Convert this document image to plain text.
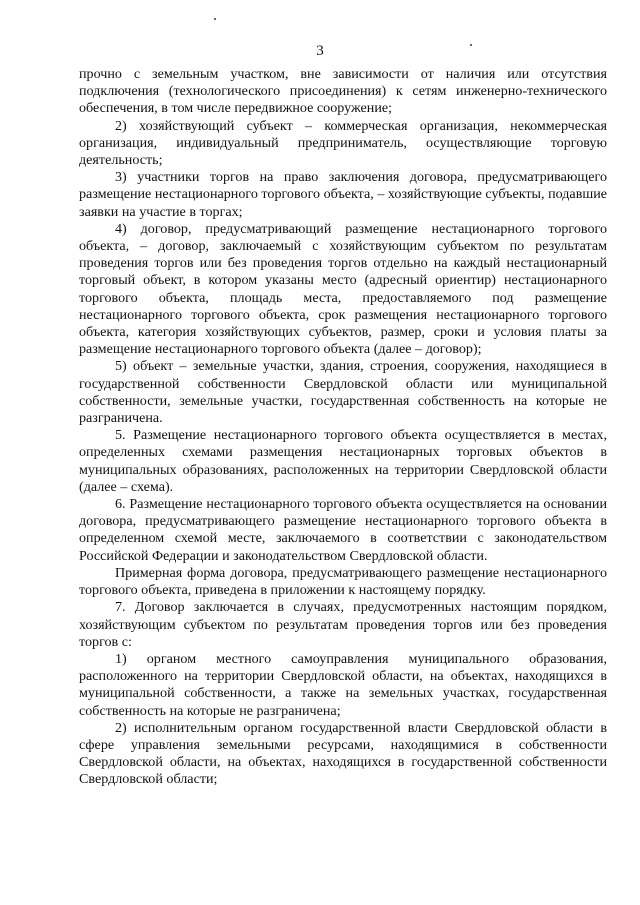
3

прочно с земельным участком, вне зависимости от наличия или отсутствия подключения (технологического присоединения) к сетям инженерно-технического обеспечения, в том числе передвижное сооружение;

2) хозяйствующий субъект – коммерческая организация, некоммерческая организация, индивидуальный предприниматель, осуществляющие торговую деятельность;

3) участники торгов на право заключения договора, предусматривающего размещение нестационарного торгового объекта, – хозяйствующие субъекты, подавшие заявки на участие в торгах;

4) договор, предусматривающий размещение нестационарного торгового объекта, – договор, заключаемый с хозяйствующим субъектом по результатам проведения торгов или без проведения торгов отдельно на каждый нестационарный торговый объект, в котором указаны место (адресный ориентир) нестационарного торгового объекта, площадь места, предоставляемого под размещение нестационарного торгового объекта, срок размещения нестационарного торгового объекта, категория хозяйствующих субъектов, размер, сроки и условия платы за размещение нестационарного торгового объекта (далее – договор);

5) объект – земельные участки, здания, строения, сооружения, находящиеся в государственной собственности Свердловской области или муниципальной собственности, земельные участки, государственная собственность на которые не разграничена.

5. Размещение нестационарного торгового объекта осуществляется в местах, определенных схемами размещения нестационарных торговых объектов в муниципальных образованиях, расположенных на территории Свердловской области (далее – схема).

6. Размещение нестационарного торгового объекта осуществляется на основании договора, предусматривающего размещение нестационарного торгового объекта в определенном схемой месте, заключаемого в соответствии с законодательством Российской Федерации и законодательством Свердловской области.

Примерная форма договора, предусматривающего размещение нестационарного торгового объекта, приведена в приложении к настоящему порядку.

7. Договор заключается в случаях, предусмотренных настоящим порядком, хозяйствующим субъектом по результатам проведения торгов или без проведения торгов с:

1) органом местного самоуправления муниципального образования, расположенного на территории Свердловской области, на объектах, находящихся в муниципальной собственности, а также на земельных участках, государственная собственность на которые не разграничена;

2) исполнительным органом государственной власти Свердловской области в сфере управления земельными ресурсами, находящимися в собственности Свердловской области, на объектах, находящихся в государственной собственности Свердловской области;
